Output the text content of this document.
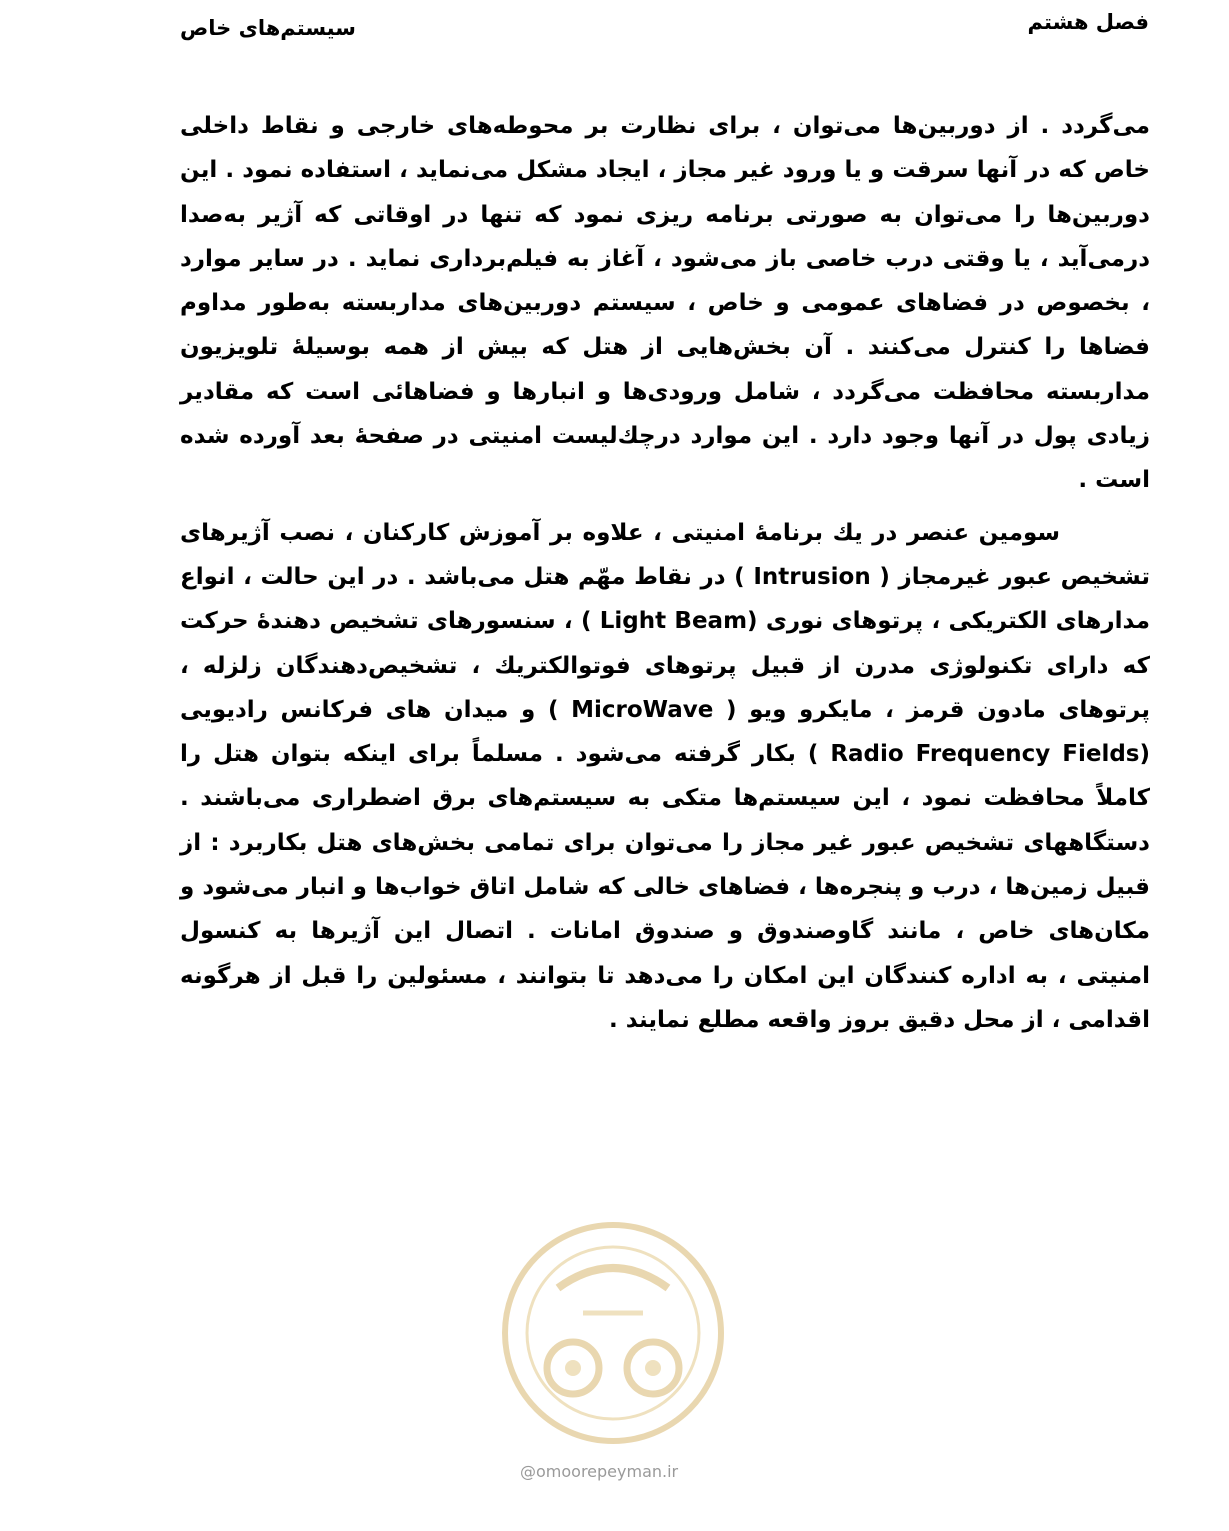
فصل هشتم
سیستم‌های خاص

می‌گردد . از دوربین‌ها می‌توان ، برای نظارت بر محوطه‌های خارجی و نقاط داخلی خاص که در آنها سرقت و یا ورود غیر مجاز ، ایجاد مشکل می‌نماید ، استفاده نمود . این دوربین‌ها را می‌توان به صورتی برنامه ریزی نمود که تنها در اوقاتی که آژیر به‌صدا درمی‌آید ، یا وقتی درب خاصی باز می‌شود ، آغاز به فیلم‌برداری نماید . در سایر موارد ، بخصوص در فضاهای عمومی و خاص ، سیستم دوربین‌های مداربسته به‌طور مداوم فضاها را کنترل می‌کنند . آن بخش‌هایی از هتل که بیش از همه بوسیلهٔ تلویزیون مداربسته محافظت می‌گردد ، شامل ورودی‌ها و انبارها و فضاهائی است که مقادیر زیادی پول در آنها وجود دارد . این موارد درچك‌لیست امنیتی در صفحهٔ بعد آورده شده است .

سومین عنصر در یك برنامهٔ امنیتی ، علاوه بر آموزش کارکنان ، نصب آژیرهای تشخیص عبور غیرمجاز ( Intrusion ) در نقاط مهّم هتل می‌باشد . در این حالت ، انواع مدارهای الکتریکی ، پرتوهای نوری (Light Beam ) ، سنسورهای تشخیص دهندهٔ حرکت که دارای تکنولوژی مدرن از قبیل پرتوهای فوتوالکتریك ، تشخیص‌دهندگان زلزله ، پرتوهای مادون قرمز ، مایکرو ویو ( MicroWave ) و میدان های فرکانس رادیویی (Radio Frequency Fields ) بکار گرفته می‌شود . مسلماً برای اینکه بتوان هتل را کاملاً محافظت نمود ، این سیستم‌ها متکی به سیستم‌های برق اضطراری می‌باشند . دستگاههای تشخیص عبور غیر مجاز را می‌توان برای تمامی بخش‌های هتل بکاربرد : از قبیل زمین‌ها ، درب و پنجره‌ها ، فضاهای خالی که شامل اتاق خواب‌ها و انبار می‌شود و مکان‌های خاص ، مانند گاوصندوق و صندوق امانات . اتصال این آژیرها به کنسول امنیتی ، به اداره کنندگان این امکان را می‌دهد تا بتوانند ، مسئولین را قبل از هرگونه اقدامی ، از محل دقیق بروز واقعه مطلع نمایند .

@omoorepeyman.ir
